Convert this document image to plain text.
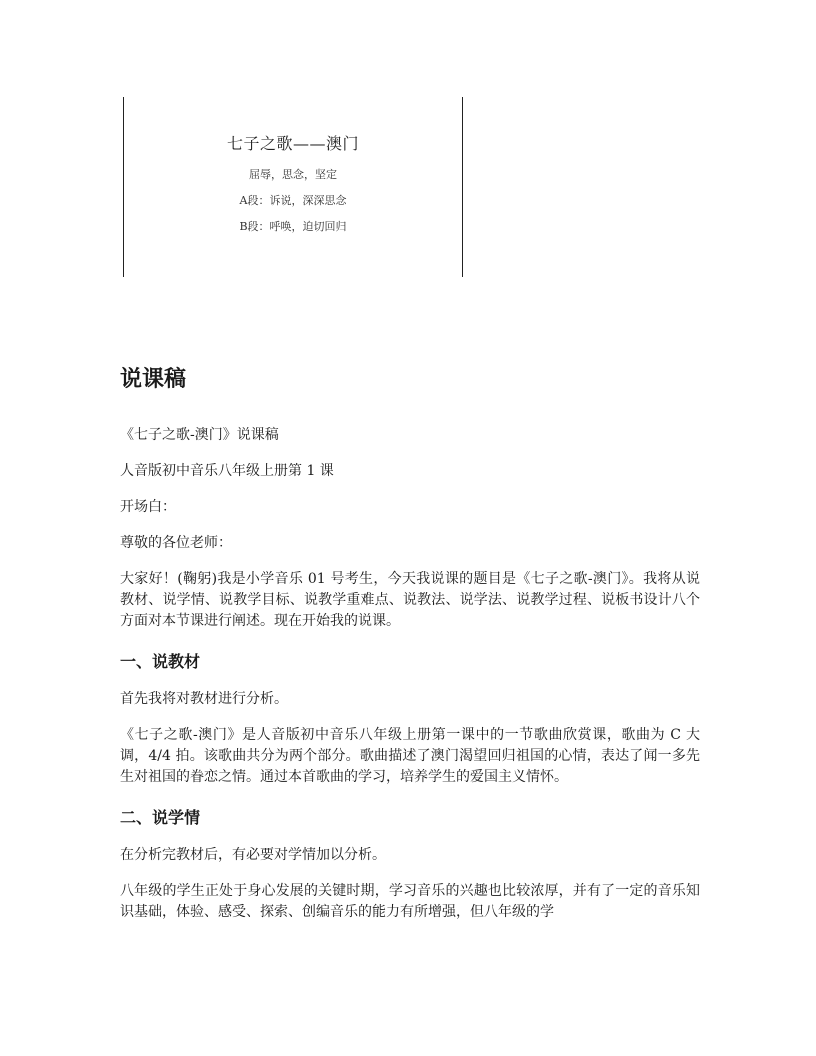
七子之歌——澳门
屈辱，思念，坚定
A段：诉说，深深思念
B段：呼唤，迫切回归
说课稿

《七子之歌-澳门》说课稿

人音版初中音乐八年级上册第 1 课

开场白：

尊敬的各位老师：

大家好！(鞠躬)我是小学音乐 01 号考生，今天我说课的题目是《七子之歌-澳门》。我将从说教材、说学情、说教学目标、说教学重难点、说教法、说学法、说教学过程、说板书设计八个方面对本节课进行阐述。现在开始我的说课。

一、说教材

首先我将对教材进行分析。

《七子之歌-澳门》是人音版初中音乐八年级上册第一课中的一节歌曲欣赏课，歌曲为 C 大调，4/4 拍。该歌曲共分为两个部分。歌曲描述了澳门渴望回归祖国的心情，表达了闻一多先生对祖国的眷恋之情。通过本首歌曲的学习，培养学生的爱国主义情怀。

二、说学情

在分析完教材后，有必要对学情加以分析。

八年级的学生正处于身心发展的关键时期，学习音乐的兴趣也比较浓厚，并有了一定的音乐知识基础，体验、感受、探索、创编音乐的能力有所增强，但八年级的学
